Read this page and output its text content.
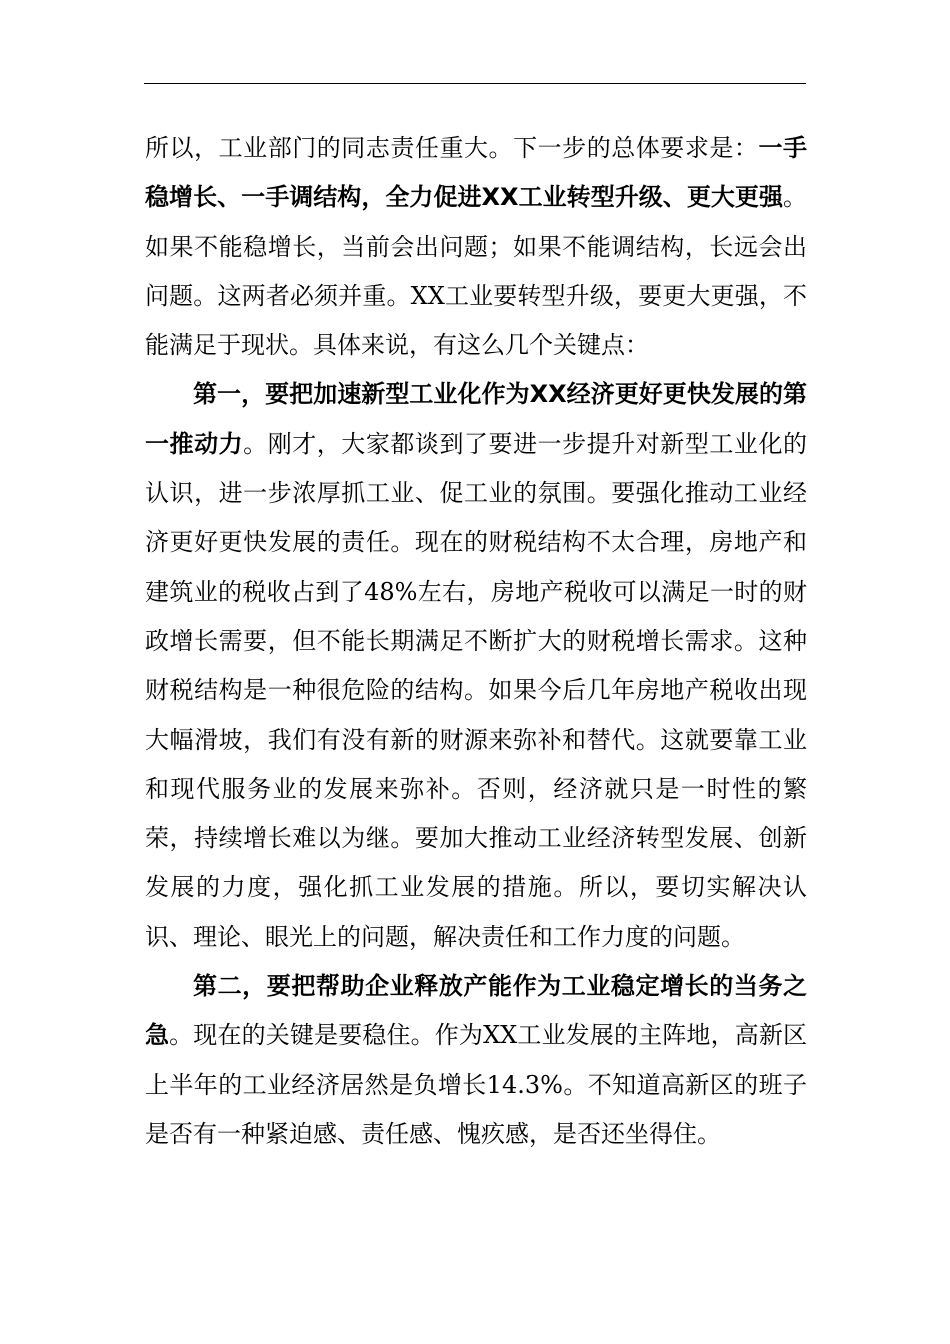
所以，工业部门的同志责任重大。下一步的总体要求是：一手稳增长、一手调结构，全力促进XX工业转型升级、更大更强。如果不能稳增长，当前会出问题；如果不能调结构，长远会出问题。这两者必须并重。XX工业要转型升级，要更大更强，不能满足于现状。具体来说，有这么几个关键点：

第一，要把加速新型工业化作为XX经济更好更快发展的第一推动力。刚才，大家都谈到了要进一步提升对新型工业化的认识，进一步浓厚抓工业、促工业的氛围。要强化推动工业经济更好更快发展的责任。现在的财税结构不太合理，房地产和建筑业的税收占到了48%左右，房地产税收可以满足一时的财政增长需要，但不能长期满足不断扩大的财税增长需求。这种财税结构是一种很危险的结构。如果今后几年房地产税收出现大幅滑坡，我们有没有新的财源来弥补和替代。这就要靠工业和现代服务业的发展来弥补。否则，经济就只是一时性的繁荣，持续增长难以为继。要加大推动工业经济转型发展、创新发展的力度，强化抓工业发展的措施。所以，要切实解决认识、理论、眼光上的问题，解决责任和工作力度的问题。

第二，要把帮助企业释放产能作为工业稳定增长的当务之急。现在的关键是要稳住。作为XX工业发展的主阵地，高新区上半年的工业经济居然是负增长14.3%。不知道高新区的班子是否有一种紧迫感、责任感、愧疚感，是否还坐得住。
